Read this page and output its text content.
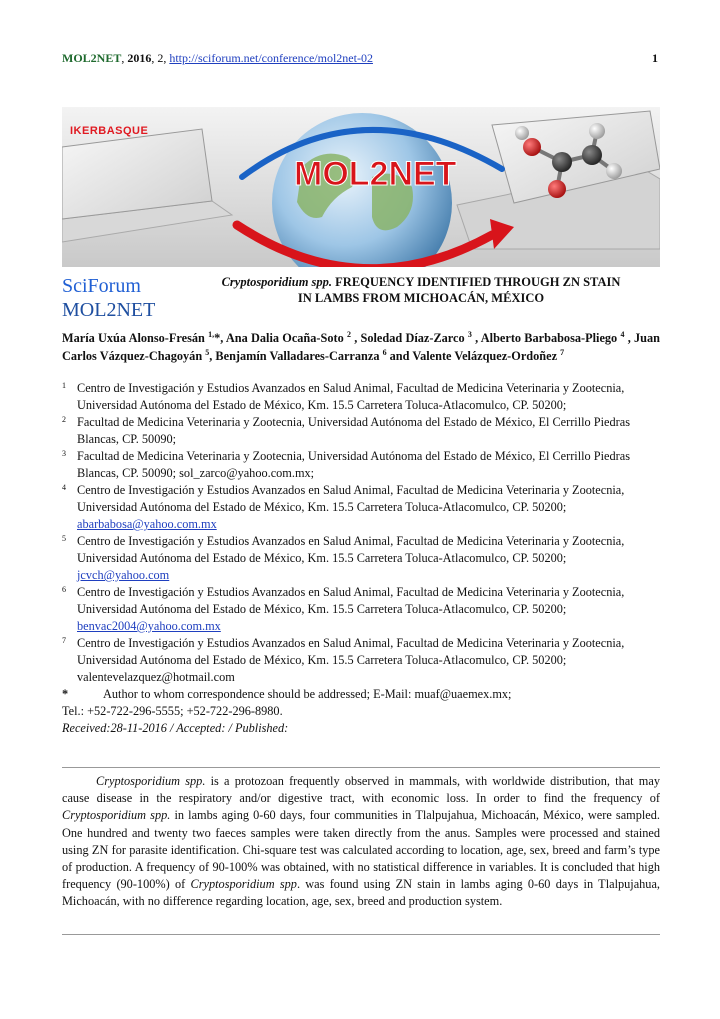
MOL2NET, 2016, 2, http://sciforum.net/conference/mol2net-02	1
IKERBASQUE
MOL2NET
SciForum
MOL2NET
Cryptosporidium spp. FREQUENCY IDENTIFIED THROUGH ZN STAIN
IN LAMBS FROM MICHOACÁN, MÉXICO
María Uxúa Alonso-Fresán $^{1,}$*, Ana Dalia Ocaña-Soto $^2$ , Soledad Díaz-Zarco $^3$ , Alberto Barbabosa-Pliego $^4$ , Juan Carlos Vázquez-Chagoyán $^5$, Benjamín Valladares-Carranza $^6$ and Valente Velázquez-Ordoñez $^7$
1 Centro de Investigación y Estudios Avanzados en Salud Animal, Facultad de Medicina Veterinaria y Zootecnia, Universidad Autónoma del Estado de México, Km. 15.5 Carretera Toluca-Atlacomulco, CP. 50200;
2 Facultad de Medicina Veterinaria y Zootecnia, Universidad Autónoma del Estado de México, El Cerrillo Piedras Blancas, CP. 50090;
3 Facultad de Medicina Veterinaria y Zootecnia, Universidad Autónoma del Estado de México, El Cerrillo Piedras Blancas, CP. 50090; sol_zarco@yahoo.com.mx;
4 Centro de Investigación y Estudios Avanzados en Salud Animal, Facultad de Medicina Veterinaria y Zootecnia, Universidad Autónoma del Estado de México, Km. 15.5 Carretera Toluca-Atlacomulco, CP. 50200; abarbabosa@yahoo.com.mx
5 Centro de Investigación y Estudios Avanzados en Salud Animal, Facultad de Medicina Veterinaria y Zootecnia, Universidad Autónoma del Estado de México, Km. 15.5 Carretera Toluca-Atlacomulco, CP. 50200; jcvch@yahoo.com
6 Centro de Investigación y Estudios Avanzados en Salud Animal, Facultad de Medicina Veterinaria y Zootecnia, Universidad Autónoma del Estado de México, Km. 15.5 Carretera Toluca-Atlacomulco, CP. 50200; benvac2004@yahoo.com.mx
7 Centro de Investigación y Estudios Avanzados en Salud Animal, Facultad de Medicina Veterinaria y Zootecnia, Universidad Autónoma del Estado de México, Km. 15.5 Carretera Toluca-Atlacomulco, CP. 50200; valentevelazquez@hotmail.com
*	Author to whom correspondence should be addressed; E-Mail: muaf@uaemex.mx;
Tel.: +52-722-296-5555; +52-722-296-8980.
Received:28-11-2016 / Accepted: / Published:
Cryptosporidium spp. is a protozoan frequently observed in mammals, with worldwide distribution, that may cause disease in the respiratory and/or digestive tract, with economic loss. In order to find the frequency of Cryptosporidium spp. in lambs aging 0-60 days, four communities in Tlalpujahua, Michoacán, México, were sampled. One hundred and twenty two faeces samples were taken directly from the anus. Samples were processed and stained using ZN for parasite identification. Chi-square test was calculated according to location, age, sex, breed and farm’s type of production. A frequency of 90-100% was obtained, with no statistical difference in variables. It is concluded that high frequency (90-100%) of Cryptosporidium spp. was found using ZN stain in lambs aging 0-60 days in Tlalpujahua, Michoacán, with no difference regarding location, age, sex, breed and production system.
